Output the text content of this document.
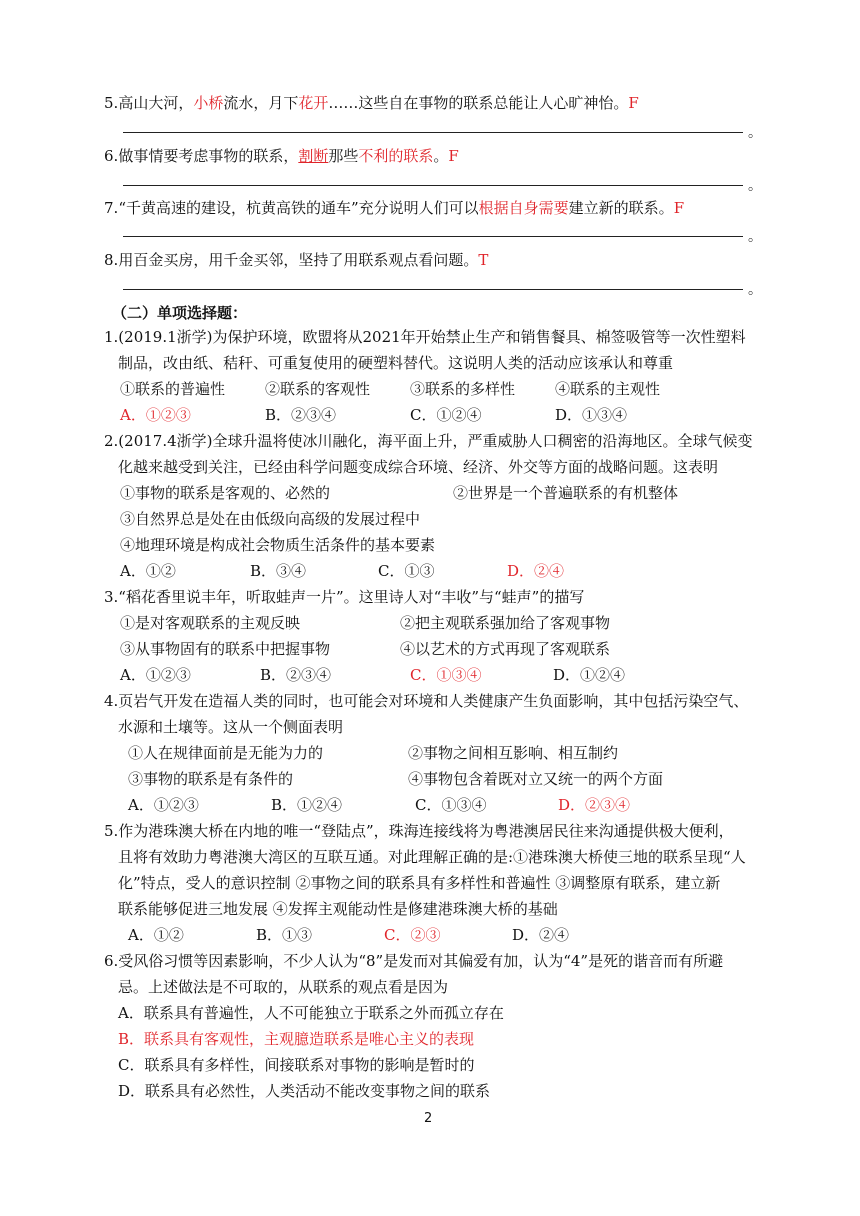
5.高山大河，小桥流水，月下花开……这些自在事物的联系总能让人心旷神怡。F
。
6.做事情要考虑事物的联系，割断那些不利的联系。F
。
7.“千黄高速的建设，杭黄高铁的通车”充分说明人们可以根据自身需要建立新的联系。F
。
8.用百金买房，用千金买邻，坚持了用联系观点看问题。T
。
（二）单项选择题：
1.(2019.1浙学)为保护环境，欧盟将从2021年开始禁止生产和销售餐具、棉签吸管等一次性塑料
制品，改由纸、秸秆、可重复使用的硬塑料替代。这说明人类的活动应该承认和尊重
①联系的普遍性	②联系的客观性	③联系的多样性	④联系的主观性
A．①②③	B．②③④	C．①②④	D．①③④
2.(2017.4浙学)全球升温将使冰川融化，海平面上升，严重威胁人口稠密的沿海地区。全球气候变
化越来越受到关注，已经由科学问题变成综合环境、经济、外交等方面的战略问题。这表明
①事物的联系是客观的、必然的	②世界是一个普遍联系的有机整体
③自然界总是处在由低级向高级的发展过程中
④地理环境是构成社会物质生活条件的基本要素
A．①②	B．③④	C．①③	D．②④
3.“稻花香里说丰年，听取蛙声一片”。这里诗人对“丰收”与“蛙声”的描写
①是对客观联系的主观反映	②把主观联系强加给了客观事物
③从事物固有的联系中把握事物	④以艺术的方式再现了客观联系
A．①②③	B．②③④	C．①③④	D．①②④
4.页岩气开发在造福人类的同时，也可能会对环境和人类健康产生负面影响，其中包括污染空气、
水源和土壤等。这从一个侧面表明
①人在规律面前是无能为力的	②事物之间相互影响、相互制约
③事物的联系是有条件的	④事物包含着既对立又统一的两个方面
A．①②③	B．①②④	C．①③④	D．②③④
5.作为港珠澳大桥在内地的唯一“登陆点”，珠海连接线将为粤港澳居民往来沟通提供极大便利，
且将有效助力粤港澳大湾区的互联互通。对此理解正确的是:①港珠澳大桥使三地的联系呈现“人
化”特点，受人的意识控制 ②事物之间的联系具有多样性和普遍性 ③调整原有联系，建立新
联系能够促进三地发展 ④发挥主观能动性是修建港珠澳大桥的基础
A．①②	B．①③	C．②③	D．②④
6.受风俗习惯等因素影响，不少人认为“8”是发而对其偏爱有加，认为“4”是死的谐音而有所避
忌。上述做法是不可取的，从联系的观点看是因为
A．联系具有普遍性，人不可能独立于联系之外而孤立存在
B．联系具有客观性，主观臆造联系是唯心主义的表现
C．联系具有多样性，间接联系对事物的影响是暂时的
D．联系具有必然性，人类活动不能改变事物之间的联系
2
